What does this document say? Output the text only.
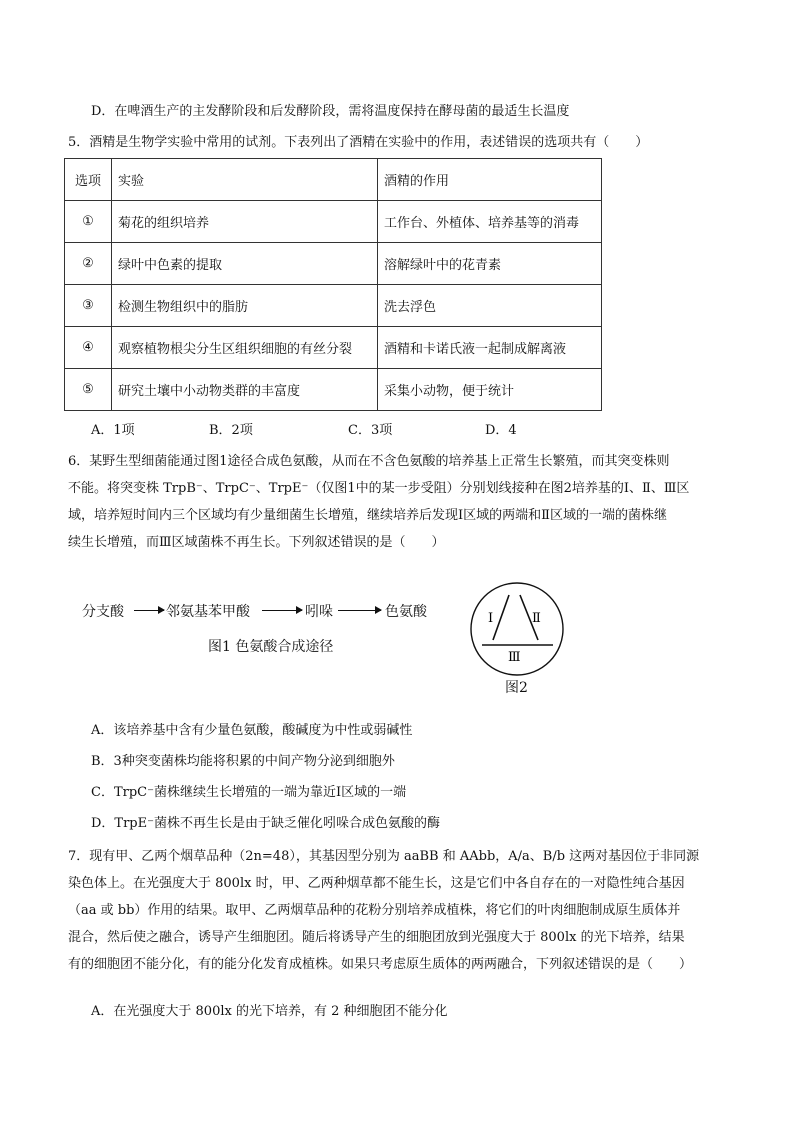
D．在啤酒生产的主发酵阶段和后发酵阶段，需将温度保持在酵母菌的最适生长温度
5．酒精是生物学实验中常用的试剂。下表列出了酒精在实验中的作用，表述错误的选项共有（　　）
选项	实验	酒精的作用
①	菊花的组织培养	工作台、外植体、培养基等的消毒
②	绿叶中色素的提取	溶解绿叶中的花青素
③	检测生物组织中的脂肪	洗去浮色
④	观察植物根尖分生区组织细胞的有丝分裂	酒精和卡诺氏液一起制成解离液
⑤	研究土壤中小动物类群的丰富度	采集小动物，便于统计
A．1项	B．2项	C．3项	D．4
6．某野生型细菌能通过图1途径合成色氨酸，从而在不含色氨酸的培养基上正常生长繁殖，而其突变株则
不能。将突变株 TrpB⁻、TrpC⁻、TrpE⁻（仅图1中的某一步受阻）分别划线接种在图2培养基的Ⅰ、Ⅱ、Ⅲ区
域，培养短时间内三个区域均有少量细菌生长增殖，继续培养后发现Ⅰ区域的两端和Ⅱ区域的一端的菌株继
续生长增殖，而Ⅲ区域菌株不再生长。下列叙述错误的是（　　）
分支酸	邻氨基苯甲酸	吲哚	色氨酸
图1 色氨酸合成途径
Ⅰ	Ⅱ
Ⅲ
图2
A．该培养基中含有少量色氨酸，酸碱度为中性或弱碱性
B．3种突变菌株均能将积累的中间产物分泌到细胞外
C．TrpC⁻菌株继续生长增殖的一端为靠近Ⅰ区域的一端
D．TrpE⁻菌株不再生长是由于缺乏催化吲哚合成色氨酸的酶
7．现有甲、乙两个烟草品种（2n=48），其基因型分别为 aaBB 和 AAbb，A/a、B/b 这两对基因位于非同源
染色体上。在光强度大于 800lx 时，甲、乙两种烟草都不能生长，这是它们中各自存在的一对隐性纯合基因
（aa 或 bb）作用的结果。取甲、乙两烟草品种的花粉分别培养成植株，将它们的叶肉细胞制成原生质体并
混合，然后使之融合，诱导产生细胞团。随后将诱导产生的细胞团放到光强度大于 800lx 的光下培养，结果
有的细胞团不能分化，有的能分化发育成植株。如果只考虑原生质体的两两融合，下列叙述错误的是（　　）
A．在光强度大于 800lx 的光下培养，有 2 种细胞团不能分化
